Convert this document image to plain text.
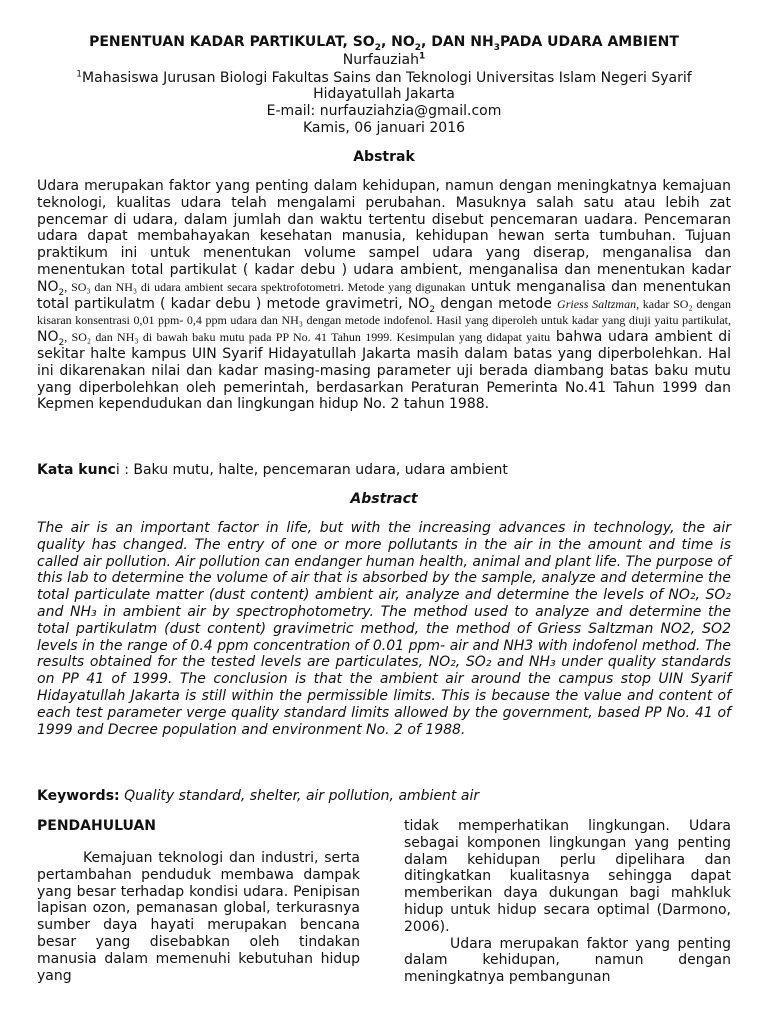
PENENTUAN KADAR PARTIKULAT, $SO_2$, $NO_2$, DAN $NH_3PADA$ UDARA AMBIENT
Nurfauziah$^1$
$^1$Mahasiswa Jurusan Biologi Fakultas Sains dan Teknologi Universitas Islam Negeri Syarif
Hidayatullah Jakarta
E-mail: nurfauziahzia@gmail.com
Kamis, 06 januari 2016
Abstrak
Udara merupakan faktor yang penting dalam kehidupan, namun dengan meningkatnya kemajuan teknologi, kualitas udara telah mengalami perubahan. Masuknya salah satu atau lebih zat pencemar di udara, dalam jumlah dan waktu tertentu disebut pencemaran uadara. Pencemaran udara dapat membahayakan kesehatan manusia, kehidupan hewan serta tumbuhan. Tujuan praktikum ini untuk menentukan volume sampel udara yang diserap, menganalisa dan menentukan total partikulat ( kadar debu ) udara ambient, menganalisa dan menentukan kadar $NO_2$, SO₃ dan NH₃ di udara ambient secara spektrofotometri. Metode yang digunakan untuk menganalisa dan menentukan total partikulatm ( kadar debu ) metode gravimetri, $NO_2$ dengan metode Griess Saltzman, kadar SO₂ dengan kisaran konsentrasi 0,01 ppm- 0,4 ppm udara dan NH₃ dengan metode indofenol. Hasil yang diperoleh untuk kadar yang diuji yaitu partikulat, $NO_2$, SO₂ dan NH₃ di bawah baku mutu pada PP No. 41 Tahun 1999. Kesimpulan yang didapat yaitu bahwa udara ambient di sekitar halte kampus UIN Syarif Hidayatullah Jakarta masih dalam batas yang diperbolehkan. Hal ini dikarenakan nilai dan kadar masing-masing parameter uji berada diambang batas baku mutu yang diperbolehkan oleh pemerintah, berdasarkan Peraturan Pemerinta No.41 Tahun 1999 dan Kepmen kependudukan dan lingkungan hidup No. 2 tahun 1988.
Kata kunci : Baku mutu, halte, pencemaran udara, udara ambient
Abstract
The air is an important factor in life, but with the increasing advances in technology, the air quality has changed. The entry of one or more pollutants in the air in the amount and time is called air pollution. Air pollution can endanger human health, animal and plant life. The purpose of this lab to determine the volume of air that is absorbed by the sample, analyze and determine the total particulate matter (dust content) ambient air, analyze and determine the levels of NO₂, SO₂ and NH₃ in ambient air by spectrophotometry. The method used to analyze and determine the total partikulatm (dust content) gravimetric method, the method of Griess Saltzman NO2, SO2 levels in the range of 0.4 ppm concentration of 0.01 ppm- air and NH3 with indofenol method. The results obtained for the tested levels are particulates, NO₂, SO₂ and NH₃ under quality standards on PP 41 of 1999. The conclusion is that the ambient air around the campus stop UIN Syarif Hidayatullah Jakarta is still within the permissible limits. This is because the value and content of each test parameter verge quality standard limits allowed by the government, based PP No. 41 of 1999 and Decree population and environment No. 2 of 1988.
Keywords: Quality standard, shelter, air pollution, ambient air
PENDAHULUAN
Kemajuan teknologi dan industri, serta pertambahan penduduk membawa dampak yang besar terhadap kondisi udara. Penipisan lapisan ozon, pemanasan global, terkurasnya sumber daya hayati merupakan bencana besar yang disebabkan oleh tindakan manusia dalam memenuhi kebutuhan hidup yang
tidak memperhatikan lingkungan. Udara sebagai komponen lingkungan yang penting dalam kehidupan perlu dipelihara dan ditingkatkan kualitasnya sehingga dapat memberikan daya dukungan bagi mahkluk hidup untuk hidup secara optimal (Darmono, 2006).
Udara merupakan faktor yang penting dalam kehidupan, namun dengan meningkatnya pembangunan
